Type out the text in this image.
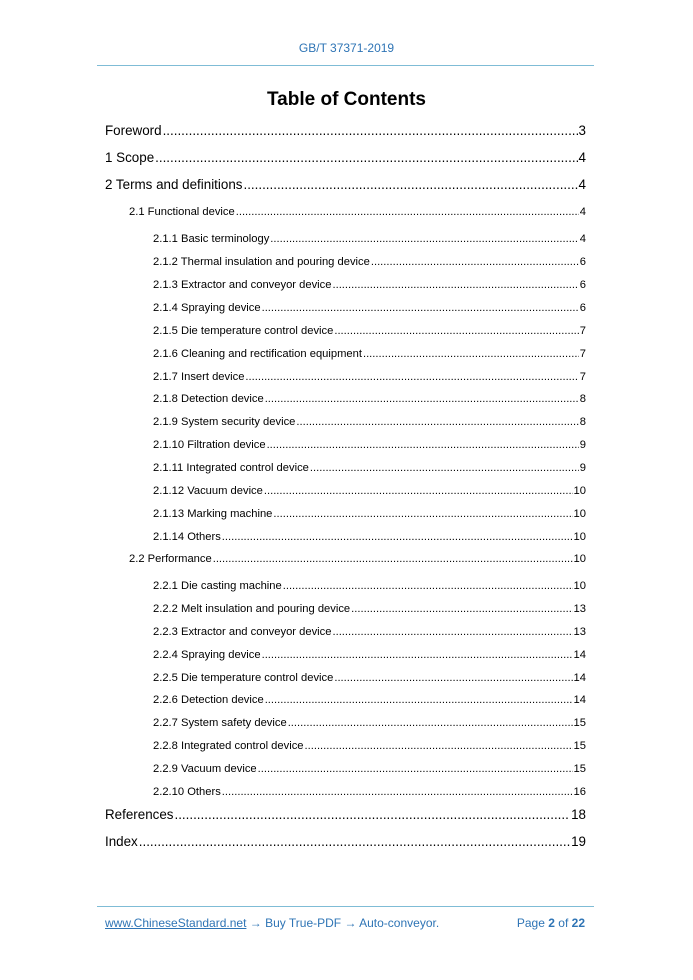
GB/T 37371-2019
Table of Contents
Foreword .....	3
1 Scope .....	4
2 Terms and definitions .....	4
2.1 Functional device .....	4
2.1.1 Basic terminology .....	4
2.1.2 Thermal insulation and pouring device .....	6
2.1.3 Extractor and conveyor device .....	6
2.1.4 Spraying device .....	6
2.1.5 Die temperature control device .....	7
2.1.6 Cleaning and rectification equipment .....	7
2.1.7 Insert device .....	7
2.1.8 Detection device .....	8
2.1.9 System security device .....	8
2.1.10 Filtration device .....	9
2.1.11 Integrated control device .....	9
2.1.12 Vacuum device .....	10
2.1.13 Marking machine .....	10
2.1.14 Others .....	10
2.2 Performance .....	10
2.2.1 Die casting machine .....	10
2.2.2 Melt insulation and pouring device .....	13
2.2.3 Extractor and conveyor device .....	13
2.2.4 Spraying device .....	14
2.2.5 Die temperature control device .....	14
2.2.6 Detection device .....	14
2.2.7 System safety device .....	15
2.2.8 Integrated control device .....	15
2.2.9 Vacuum device .....	15
2.2.10 Others .....	16
References .....	18
Index .....	19
www.ChineseStandard.net → Buy True-PDF → Auto-conveyor.	Page 2 of 22
